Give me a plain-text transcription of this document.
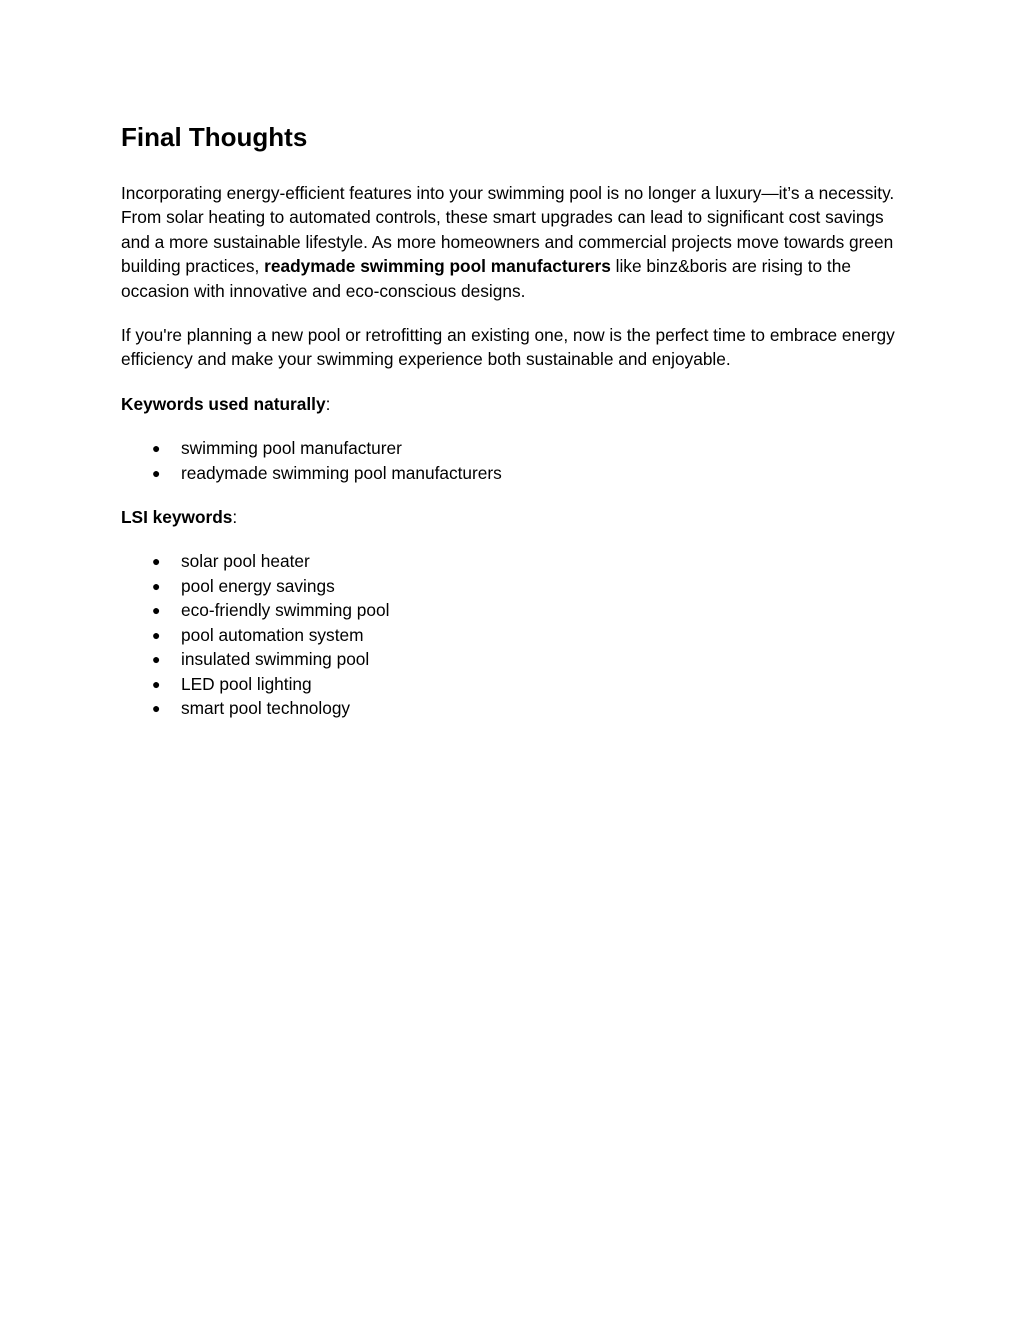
Final Thoughts

Incorporating energy-efficient features into your swimming pool is no longer a luxury—it’s a necessity. From solar heating to automated controls, these smart upgrades can lead to significant cost savings and a more sustainable lifestyle. As more homeowners and commercial projects move towards green building practices, readymade swimming pool manufacturers like binz&boris are rising to the occasion with innovative and eco-conscious designs.

If you're planning a new pool or retrofitting an existing one, now is the perfect time to embrace energy efficiency and make your swimming experience both sustainable and enjoyable.

Keywords used naturally:

● swimming pool manufacturer
● readymade swimming pool manufacturers

LSI keywords:

● solar pool heater
● pool energy savings
● eco-friendly swimming pool
● pool automation system
● insulated swimming pool
● LED pool lighting
● smart pool technology
